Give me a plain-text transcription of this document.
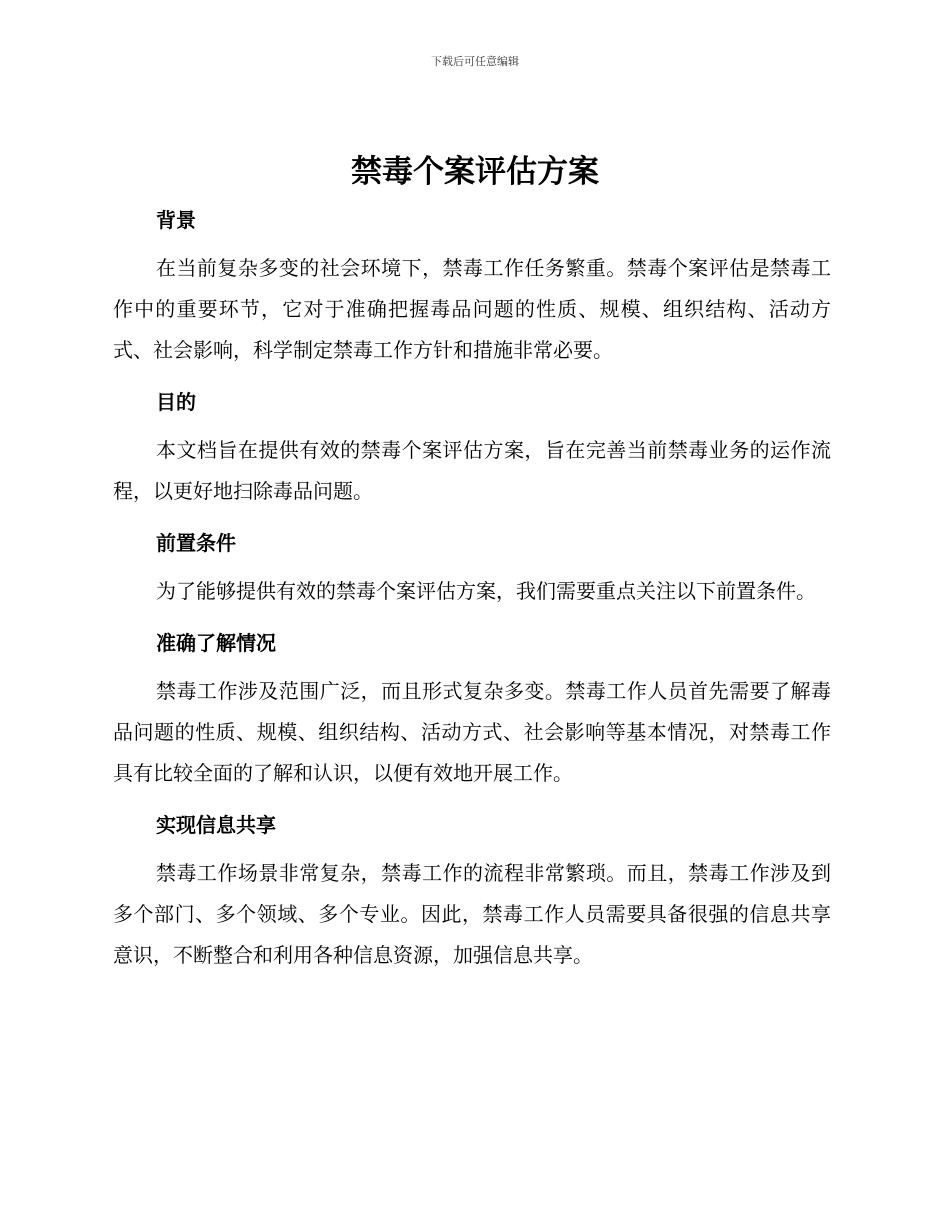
下载后可任意编辑
禁毒个案评估方案
背景

在当前复杂多变的社会环境下，禁毒工作任务繁重。禁毒个案评估是禁毒工作中的重要环节，它对于准确把握毒品问题的性质、规模、组织结构、活动方式、社会影响，科学制定禁毒工作方针和措施非常必要。

目的

本文档旨在提供有效的禁毒个案评估方案，旨在完善当前禁毒业务的运作流程，以更好地扫除毒品问题。

前置条件

为了能够提供有效的禁毒个案评估方案，我们需要重点关注以下前置条件。

准确了解情况

禁毒工作涉及范围广泛，而且形式复杂多变。禁毒工作人员首先需要了解毒品问题的性质、规模、组织结构、活动方式、社会影响等基本情况，对禁毒工作具有比较全面的了解和认识，以便有效地开展工作。

实现信息共享

禁毒工作场景非常复杂，禁毒工作的流程非常繁琐。而且，禁毒工作涉及到多个部门、多个领域、多个专业。因此，禁毒工作人员需要具备很强的信息共享意识，不断整合和利用各种信息资源，加强信息共享。
